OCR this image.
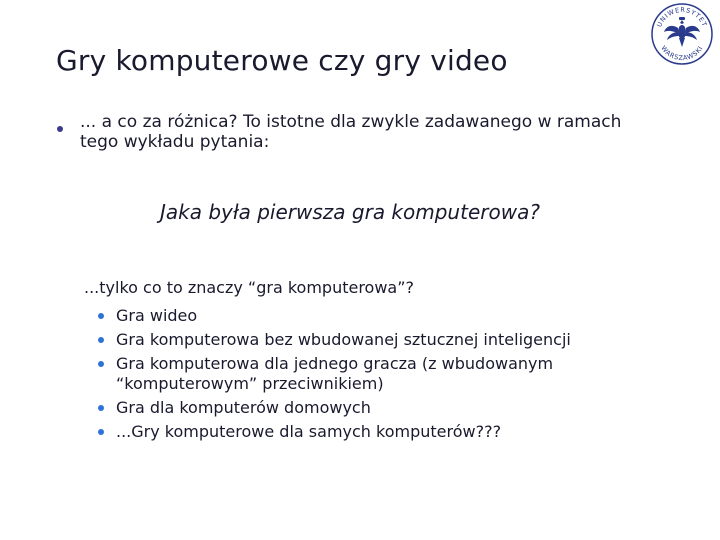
Gry komputerowe czy gry video
UNIWERSYTET
WARSZAWSKI
... a co za różnica? To istotne dla zwykle zadawanego w ramach tego wykładu pytania:
Jaka była pierwsza gra komputerowa?
...tylko co to znaczy “gra komputerowa”?
Gra wideo
Gra komputerowa bez wbudowanej sztucznej inteligencji
Gra komputerowa dla jednego gracza (z wbudowanym “komputerowym” przeciwnikiem)
Gra dla komputerów domowych
...Gry komputerowe dla samych komputerów???
